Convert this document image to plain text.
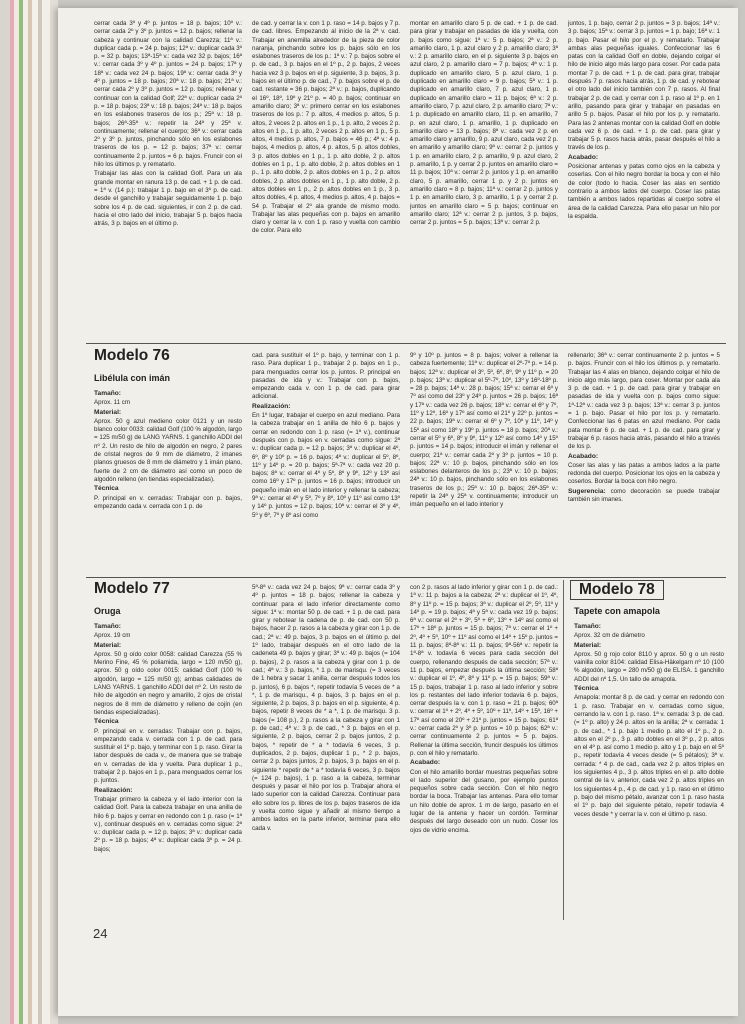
cerrar cada 3º y 4º p. juntos = 18 p. bajos; 10º v.: cerrar cada 2º y 3º p. juntos = 12 p. bajos; rellenar la cabeza y continuar con la calidad Carezza; 11ª v.: duplicar cada p. = 24 p. bajos; 12ª v.: duplicar cada 3º p. = 32 p. bajos; 13ª-15ª v.: cada vez 32 p. bajos; 16ª v.: cerrar cada 3º y 4º p. juntos = 24 p. bajos; 17ª y 18ª v.: cada vez 24 p. bajos; 19ª v.: cerrar cada 3º y 4º p. juntos = 18 p. bajos; 20ª v.: 18 p. bajos; 21ª v.: cerrar cada 2º y 3º p. juntos = 12 p. bajos; rellenar y continuar con la calidad Golf; 22ª v.: duplicar cada 2º p. = 18 p. bajos; 23ª v.: 18 p. bajos; 24ª v.: 18 p. bajos en los eslabones traseros de los p.; 25ª v.: 18 p. bajos; 26ª-35ª v.: repetir la 24ª y 25ª v. continuamente; rellenar el cuerpo; 36ª v.: cerrar cada 2º y 3º p. juntos, pinchando sólo en los eslabones traseros de los p. = 12 p. bajos; 37ª v.: cerrar continuamente 2 p. juntos = 6 p. bajos. Fruncir con el hilo los últimos p. y rematarlo.

Trabajar las alas con la calidad Golf. Para un ala grande montar en ranura 13 p. de cad. + 1 p. de cad. = 1ª v. (14 p.): trabajar 1 p. bajo en el 3º p. de cad. desde el ganchillo y trabajar seguidamente 1 p. bajo sobre los 4 p. de cad. siguientes, ir con 2 p. de cad. hacia el otro lado del inicio, trabajar 5 p. bajos hacia atrás, 3 p. bajos en el último p.

de cad. y cerrar la v. con 1 p. raso = 14 p. bajos y 7 p. de cad. libres. Empezando al inicio de la 2ª v. cad. Trabajar en anemilla alrededor de la pieza de color naranja, pinchando sobre los p. bajos sólo en los eslabones traseros de los p.: 1ª v.: 7 p. bajos sobre el p. de cad., 3 p. bajos en el 1º p., 2 p. bajos, 2 veces hacia vez 3 p. bajos en el p. siguiente, 3 p. bajos, 3 p. bajos en el último p. de cad., 7 p. bajos sobre el p. de cad. restante = 36 p. bajos; 2ª v.: p. bajos, duplicando el 16º, 18º, 19º y 21º p. = 40 p. bajos; continuar en amarillo claro; 3ª v.: primero cerrar en los eslabones traseros de los p.: 7 p. altos, 4 medios p. altos, 5 p. altos, 2 veces 2 p. altos en 1 p., 1 p. alto, 2 veces 2 p. altos en 1 p., 1 p. alto, 2 veces 2 p. altos en 1 p., 5 p. altos, 4 medios p. altos, 7 p. bajos = 46 p.; 4ª v.: 4 p. bajos, 4 medios p. altos, 4 p. altos, 5 p. altos dobles, 3 p. altos dobles en 1 p., 1 p. alto doble, 2 p. altos dobles en 1 p., 1 p. alto doble, 2 p. altos dobles en 1 p., 1 p. alto doble, 2 p. altos dobles en 1 p., 2 p. altos dobles, 2 p. altos dobles en 1 p., 1 p. alto doble, 2 p. altos dobles en 1 p., 2 p. altos dobles en 1 p., 3 p. altos dobles, 4 p. altos, 4 medios p. altos, 4 p. bajos = 54 p. Trabajar el 2º ala grande de mismo modo. Trabajar las alas pequeñas con p. bajos en amarillo claro y cerrar la v. con 1 p. raso y vuelta con cambio de color. Para ello

montar en amarillo claro 5 p. de cad. + 1 p. de cad. para girar y trabajar en pasadas de ida y vuelta, con p. bajos como sigue: 1ª v.: 5 p. bajos; 2ª v.: 2 p. amarillo claro, 1 p. azul claro y 2 p. amarillo claro; 3ª v.: 2 p. amarillo claro, en el p. siguiente 3 p. bajos en azul claro, 2 p. amarillo claro = 7 p. bajos; 4ª v.: 1 p. duplicado en amarillo claro, 5 p. azul claro, 1 p. duplicado en amarillo claro = 9 p. bajos; 5ª v.: 1 p. duplicado en amarillo claro, 7 p. azul claro, 1 p. duplicado en amarillo claro = 11 p. bajos; 6ª v.: 2 p. amarillo claro, 7 p. azul claro, 2 p. amarillo claro; 7ª v.: 1 p. duplicado en amarillo claro, 11 p. en amarillo, 7 p. en azul claro, 1 p. amarillo, 1 p. duplicado en amarillo claro = 13 p. bajos; 8ª v.: cada vez 2 p. en amarillo claro y amarillo, 9 p. azul claro, cada vez 2 p. en amarillo y amarillo claro; 9ª v.: cerrar 2 p. juntos y 1 p. en amarillo claro, 2 p. amarillo, 9 p. azul claro, 2 p. amarillo, 1 p. y cerrar 2 p. juntos en amarillo claro = 11 p. bajos; 10ª v.: cerrar 2 p. juntos y 1 p. en amarillo claro, 5 p. amarillo, cerrar 1 p. y 2 p. juntos en amarillo claro = 8 p. bajos; 11ª v.: cerrar 2 p. juntos y 1 p. en amarillo claro, 3 p. amarillo, 1 p. y cerrar 2 p. juntos en amarillo claro = 5 p. bajos; continuar en amarillo claro; 12ª v.: cerrar 2 p. juntos, 3 p. bajos, cerrar 2 p. juntos = 5 p. bajos; 13ª v.: cerrar 2 p.

juntos, 1 p. bajo, cerrar 2 p. juntos = 3 p. bajos; 14ª v.: 3 p. bajos; 15ª v.: cerrar 3 p. juntos = 1 p. bajo; 16ª v.: 1 p. bajo. Pasar el hilo por el p. y rematarlo. Trabajar ambas alas pequeñas iguales. Confeccionar las 6 patas con la calidad Golf en doble, dejando colgar el hilo de inicio algo más largo para coser. Por cada pata montar 7 p. de cad. + 1 p. de cad. para girar, trabajar después 7 p. rasos hacia atrás, 1 p. de cad. y rebotear el otro lado del inicio también con 7 p. rasos. Al final trabajar 2 p. de cad. y cerrar con 1 p. raso al 1º p. en 1 arillo, pasando para girar y trabajar en pasadas en arillo 5 p. bajos. Pasar el hilo por los p. y rematarlo. Para las 2 antenas montar con la calidad Golf en doble cada vez 6 p. de cad. + 1 p. de cad. para girar y trabajar 5 p. rasos hacia atrás, pasar después el hilo a través de los p.

Acabado:

Posicionar antenas y patas como ojos en la cabeza y coserlas. Con el hilo negro bordar la boca y con el hilo de color (todo lo hacia. Coser las alas en sentido contrario a ambos lados del cuerpo. Coser las patas también a ambos lados repartidas al cuerpo sobre el área de la calidad Carezza. Para ello pasar un hilo por la espalda.

Modelo 76
Libélula con imán

Tamaño:

Aprox. 11 cm

Material:

Aprox. 50 g azul medieno color 0121 y un resto blanco color 0033: calidad Golf (100 % algodón, largo = 125 m/50 g) de LANG YARNS. 1 ganchillo ADDI del nº 2. Un resto de hilo de algodón en negro, 2 pares de cristal negros de 9 mm de diámetro, 2 imanes planos gruesos de 8 mm de diámetro y 1 imán plano, fuerte de 2 cm de diámetro así como un poco de algodón relleno (en tiendas especializadas).

Técnica

P. principal en v. cerradas: Trabajar con p. bajos, empezando cada v. cerrada con 1 p. de

cad. para sustituir el 1º p. bajo, y terminar con 1 p. raso. Para duplicar 1 p., trabajar 2 p. bajos en 1 p., para menguados cerrar los p. juntos. P. principal en pasadas de ida y v.: Trabajar con p. bajos, empezando cada v. con 1 p. de cad. para girar adicional.

Realización:

En 1º lugar, trabajar el cuerpo en azul mediano. Para la cabeza trabajar en 1 anilla de hilo 6 p. bajos y cerrar en redondo con 1 p. raso (= 1ª v.), continuar después con p. bajos en v. cerradas como sigue: 2ª v.: duplicar cada p. = 12 p. bajos; 3ª v.: duplicar el 4º, 6º, 8º y 10º p. = 16 p. bajos; 4ª v.: duplicar el 5º, 8º, 11º y 14º p. = 20 p. bajos; 5ª-7ª v.: cada vez 20 p. bajos; 8ª v.: cerrar el 4º y 5º, 8º y 9º, 12º y 13º así como 16º y 17º p. juntos = 16 p. bajos; introducir un pequeño imán en el lado interior y rellenar la cabeza; 9ª v.: cerrar el 4º y 5º, 7º y 8º, 10º y 11º así como 13º y 14º p. juntos = 12 p. bajos; 10ª v.: cerrar el 3º y 4º, 5º y 6º, 7º y 8º así como

9º y 10º p. juntos = 8 p. bajos; volver a rellenar la cabeza fuertemente; 11ª v.: duplicar el 2º-7º p. = 14 p. bajos; 12ª v.: duplicar el 3º, 5º, 6º, 8º, 9º y 11º p. = 20 p. bajos; 13ª v.: duplicar el 5º-7º, 10º, 13º y 16º-18º p. = 28 p. bajos; 14ª v.: 28 p. bajos; 15ª v.: cerrar el 6º y 7º así como del 23º y 24º p. juntos = 26 p. bajos; 16ª y 17ª v.: cada vez 26 p. bajos; 18ª v.: cerrar el 6º y 7º, 11º y 12º, 16º y 17º así como el 21º y 22º p. juntos = 22 p. bajos; 19ª v.: cerrar el 6º y 7º, 10º y 11º, 14º y 15º así como 18º y 19º p. juntos = 18 p. bajos; 20ª v.: cerrar el 5º y 6º, 8º y 9º, 11º y 12º así como 14º y 15º p. juntos = 14 p. bajos; introducir el imán y rellenar el cuerpo; 21ª v.: cerrar cada 2º y 3º p. juntos = 10 p. bajos; 22ª v.: 10 p. bajos, pinchando sólo en los eslabones delanteros de los p.; 23ª v.: 10 p. bajos; 24ª v.: 10 p. bajos, pinchando sólo en los eslabones traseros de los p.; 25ª v.: 10 p. bajos; 26ª-35ª v.: repetir la 24ª y 25ª v. continuamente; introducir un imán pequeño en el lado interior y

rellenarlo; 36ª v.: cerrar continuamente 2 p. juntos = 5 p. bajos. Fruncir con el hilo los últimos p. y rematarlo. Trabajar las 4 alas en blanco, dejando colgar el hilo de inicio algo más largo, para coser. Montar por cada ala 3 p. de cad. + 1 p. de cad. para girar y trabajar en pasadas de ida y vuelta con p. bajos como sigue: 1ª-12ª v.: cada vez 3 p. bajos; 13ª v.: cerrar 3 p. juntos = 1 p. bajo. Pasar el hilo por los p. y rematarlo. Confeccionar las 6 patas en azul mediano. Por cada pata montar 6 p. de cad. + 1 p. de cad. para girar y trabajar 6 p. rasos hacia atrás, pasando el hilo a través de los p.

Acabado:

Coser las alas y las patas a ambos lados a la parte redonda del cuerpo. Posicionar los ojos en la cabeza y coserlos. Bordar la boca con hilo negro.

Sugerencia: como decoración se puede trabajar también sin imanes.

Modelo 77
Oruga

Tamaño:

Aprox. 19 cm

Material:

Aprox. 50 g oído color 0058: calidad Carezza (55 % Merino Fine, 45 % poliamida, largo = 120 m/50 g), aprox. 50 g oído color 0015: calidad Golf (100 % algodón, largo = 125 m/50 g); ambas calidades de LANG YARNS. 1 ganchillo ADDI del nº 2. Un resto de hilo de algodón en negro y amarillo, 2 ojos de cristal negros de 8 mm de diámetro y relleno de cojín (en tiendas especializadas).

Técnica

P. principal en v. cerradas: Trabajar con p. bajos, empezando cada v. cerrada con 1 p. de cad. para sustituir el 1º p. bajo, y terminar con 1 p. raso. Girar la labor después de cada v., de manera que se trabaje en v. cerradas de ida y vuelta. Para duplicar 1 p., trabajar 2 p. bajos en 1 p., para menguados cerrar los p. juntos.

Realización:

Trabajar primero la cabeza y el lado interior con la calidad Golf. Para la cabeza trabajar en una anilla de hilo 6 p. bajos y cerrar en redondo con 1 p. raso (= 1ª v.), continuar después en v. cerradas como sigue: 2ª v.: duplicar cada p. = 12 p. bajos; 3ª v.: duplicar cada 2º p. = 18 p. bajos; 4ª v.: duplicar cada 3º p. = 24 p. bajos;

5ª-8ª v.: cada vez 24 p. bajos; 9ª v.: cerrar cada 3º y 4º p. juntos = 18 p. bajos; rellenar la cabeza y continuar para el lado inferior directamente como sigue: 1ª v.: montar 50 p. de cad. + 1 p. de cad. para girar y rebotear la cadena de p. de cad. con 50 p. bajos, hacer 2 p. rasos a la cabeza y girar con 1 p. de cad.; 2ª v.: 49 p. bajos, 3 p. bajos en el último p. del 1º lado, trabajar después en el otro lado de la cadeneta 49 p. bajos y girar; 3ª v.: 49 p. bajos (= 104 p. bajos), 2 p. rasos a la cabeza y girar con 1 p. de cad.; 4ª v.: 3 p. bajos, * 1 p. de marisqu. (= 3 veces de 1 hebra y sacar 1 anilla, cerrar después todos los p. juntos), 6 p. bajos *, repetir todavía 5 veces de * a *, 1 p. de marisqu., 4 p. bajos, 3 p. bajos en el p. siguiente, 2 p. bajos, 3 p. bajos en el p. siguiente, 4 p. bajos, repetir 8 veces de * a *, 1 p. de marisqu. 3 p. bajos (= 108 p.), 2 p. rasos a la cabeza y girar con 1 p. de cad.; 4ª v.: 3 p. de cad., * 3 p. bajos en el p. siguiente, 2 p. bajos, cerrar 2 p. bajos juntos, 2 p. bajos, * repetir de * a * todavía 6 veces, 3 p. duplicados, 2 p. bajos, duplicar 1 p., * 2 p. bajos, cerrar 2 p. bajos juntos, 2 p. bajos, 3 p. bajos en el p. siguiente * repetir de * a * todavía 6 veces, 3 p. bajos (= 124 p. bajos), 1 p. raso a la cabeza, terminar después y pasar el hilo por los p. Trabajar ahora el lado superior con la calidad Carezza. Continuar para ello sobre los p. libres de los p. bajos traseros de ida y vuelta como sigue y añadir al mismo tiempo a ambos lados en la parte inferior, terminar para ello cada v.

con 2 p. rasos al lado inferior y girar con 1 p. de cad.: 1ª v.: 11 p. bajos a la cabeza; 2ª v.: duplicar el 1º, 4º, 8º y 11º p. = 15 p. bajos; 3ª v.: duplicar el 2º, 5º, 11º y 14º p. = 19 p. bajos; 4ª y 5ª v.: cada vez 19 p. bajos; 6ª v.: cerrar el 2º + 3º, 5º + 6º, 13º + 14º así como el 17º + 18º p. juntos = 15 p. bajos; 7ª v.: cerrar el 1º + 2º, 4º + 5º, 10º + 11º así como el 14º + 15º p. juntos = 11 p. bajos; 8ª-8ª v.: 11 p. bajos; 9ª-56ª v.: repetir la 1ª-8ª v. todavía 6 veces para cada sección del cuerpo, rellenando después de cada sección; 57ª v.: 11 p. bajos, empezar después la última sección; 58ª v.: duplicar el 1º, 4º, 8º y 11º p. = 15 p. bajos; 59ª v.: 15 p. bajos, trabajar 1 p. raso al lado inferior y sobre los p. restantes del lado inferior todavía 6 p. bajos, cerrar después la v. con 1 p. raso = 21 p. bajos; 60ª v.: cerrar el 1º + 2º, 4º + 5º, 10º + 11º, 14º + 15º, 16º + 17º así como el 20º + 21º p. juntos = 15 p. bajos; 61ª v.: cerrar cada 2º y 3º p. juntos = 10 p. bajos; 62ª v.: cerrar continuamente 2 p. juntos = 5 p. bajos. Rellenar la última sección, fruncir después los últimos p. con el hilo y rematarlo.

Acabado:

Con el hilo amarillo bordar muestras pequeñas sobre el lado superior del gusano, por ejemplo puntos pequeños sobre cada sección. Con el hilo negro bordar la boca. Trabajar las antenas. Para ello tomar un hilo doble de aprox. 1 m de largo, pasarlo en el lugar de la antena y hacer un cordón. Terminar después del largo deseado con un nudo. Coser los ojos de vidrio encima.

Modelo 78
Tapete con amapola

Tamaño:

Aprox. 32 cm de diámetro

Material:

Aprox. 50 g rojo color 8110 y aprox. 50 g o un resto vainilla color 8104: calidad Elisa-Häkelgarn nº 10 (100 % algodón, largo = 280 m/50 g) de ELISA. 1 ganchillo ADDI del nº 1,5. Un tallo de amapola.

Técnica

Amapola: montar 8 p. de cad. y cerrar en redondo con 1 p. raso. Trabajar en v. cerradas como sigue, cerrando la v. con 1 p. raso. 1ª v. cerrada: 3 p. de cad. (= 1º p. alto) y 24 p. altos en la anilla; 2ª v. cerrada: 1 p. de cad., * 1 p. bajo 1 medio p. alto el 1º p., 2 p. altos en el 2º p., 3 p. alto dobles en el 3º p., 2 p. altos en el 4º p. así como 1 medio p. alto y 1 p. bajo en el 5º p., repetir todavía 4 veces desde (= 5 pétalos); 3ª v. cerrada: * 4 p. de cad., cada vez 2 p. altos triples en los siguientes 4 p., 3 p. altos triples en el p. alto doble central de la v. anterior, cada vez 2 p. altos triples en los siguientes 4 p., 4 p. de cad. y 1 p. raso en el último p. bajo del mismo pétalo, avanzar con 1 p. raso hasta el 1º p. bajo del siguiente pétalo, repetir todavía 4 veces desde * y cerrar la v. con el último p. raso.

24
